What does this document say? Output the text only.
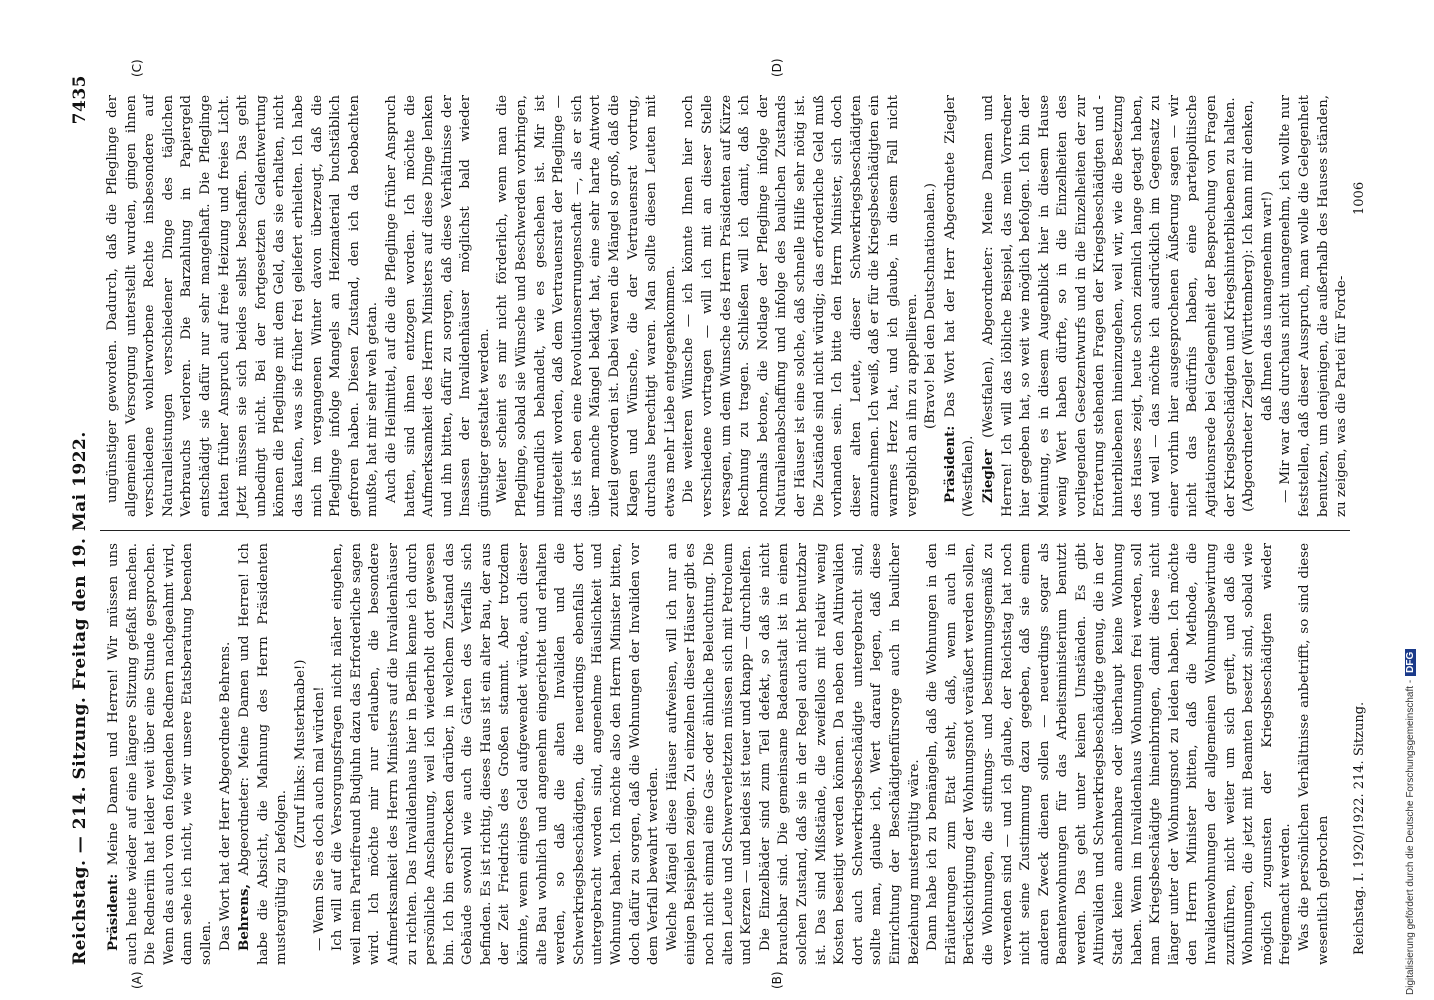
Reichstag. — 214. Sitzung. Freitag den 19. Mai 1922.
7435
(A)	(B)
(C)	(D)

Präsident: Meine Damen und Herren! Wir müssen uns auch heute wieder auf eine längere Sitzung gefaßt machen. Die Redneriin hat leider weit über eine Stunde gesprochen. Wenn das auch von den folgenden Rednern nachgeahmt wird, dann sehe ich nicht, wie wir unsere Etatsberatung beenden sollen. Das Wort hat der Herr Abgeordnete Behrens. Behrens, Abgeordneter: Meine Damen und Herren! Ich habe die Absicht, die Mahnung des Herrn Präsidenten mustergültig zu befolgen.

(Zuruf links: Musterknabe!) — Wenn Sie es doch auch mal würden! Ich will auf die Versorgungsfragen nicht näher eingehen, weil mein Parteifreund Budjuhn dazu das Erforderliche sagen wird. Ich möchte mir nur erlauben, die besondere Aufmerksamkeit des Herrn Ministers auf die Invalidenhäuser zu richten. Das Invalidenhaus hier in Berlin kenne ich durch persönliche Anschauung, weil ich wiederholt dort gewesen bin. Ich bin erschrocken darüber, in welchem Zustand das Gebäude sowohl wie auch die Gärten des Verfalls sich befinden. Es ist richtig, dieses Haus ist ein alter Bau, der aus der Zeit Friedrichs des Großen stammt. Aber trotzdem könnte, wenn einiges Geld aufgewendet würde, auch dieser alte Bau wohnlich und angenehm eingerichtet und erhalten werden, so daß die alten Invaliden und die Schwerkriegsbeschädigten, die neuerdings ebenfalls dort untergebracht worden sind, angenehme Häuslichkeit und Wohnung haben. Ich möchte also den Herrn Minister bitten, doch dafür zu sorgen, daß die Wohnungen der Invaliden vor dem Verfall bewahrt werden. Welche Mängel diese Häuser aufweisen, will ich nur an einigen Beispielen zeigen. Zu einzelnen dieser Häuser gibt es noch nicht einmal eine Gas- oder ähnliche Beleuchtung. Die alten Leute und Schwerverletzten müssen sich mit Petroleum und Kerzen — und beides ist teuer und knapp — durchhelfen. Die Einzelbäder sind zum Teil defekt, so daß sie nicht brauchbar sind. Die gemeinsame Badeanstalt ist in einem solchen Zustand, daß sie in der Regel auch nicht benutzbar ist. Das sind Mißstände, die zweifellos mit relativ wenig Kosten beseitigt werden können. Da neben den Altinvaliden dort auch Schwerkriegsbeschädigte untergebracht sind, sollte man, glaube ich, Wert darauf legen, daß diese Einrichtung der Beschädigtenfürsorge auch in baulicher Beziehung mustergültig wäre. Dann habe ich zu bemängeln, daß die Wohnungen in den Erläuterungen zum Etat steht, daß, wenn auch in Berücksichtigung der Wohnungsnot veräußert werden sollen, die Wohnungen, die stiftungs- und bestimmungsgemäß zu verwenden sind — und ich glaube, der Reichstag hat noch nicht seine Zustimmung dazu gegeben, daß sie einem anderen Zweck dienen sollen — neuerdings sogar als Beamtenwohnungen für das Arbeitsministerium benutzt werden. Das geht unter keinen Umständen. Es gibt Altinvaliden und Schwerkriegsbeschädigte genug, die in der Stadt keine annehmbare oder überhaupt keine Wohnung haben. Wenn im Invalidenhaus Wohnungen frei werden, soll man Kriegsbeschädigte hineinbringen, damit diese nicht länger unter der Wohnungsnot zu leiden haben. Ich möchte den Herrn Minister bitten, daß die Methode, die Invalidenwohnungen der allgemeinen Wohnungsbewirtung zuzuführen, nicht weiter um sich greift, und daß die Wohnungen, die jetzt mit Beamten besetzt sind, sobald wie möglich zugunsten der Kriegsbeschädigten wieder freigemacht werden. Was die persönlichen Verhältnisse anbetrifft, so sind diese wesentlich gebrochen

ungünstiger geworden. Dadurch, daß die Pfleglinge der allgemeinen Versorgung unterstellt wurden, gingen ihnen verschiedene wohlerworbene Rechte insbesondere auf Naturalleistungen verschiedener Dinge des täglichen Verbrauchs verloren. Die Barzahlung in Papiergeld entschädigt sie dafür nur sehr mangelhaft. Die Pfleglinge hatten früher Anspruch auf freie Heizung und freies Licht. Jetzt müssen sie sich beides selbst beschaffen. Das geht unbedingt nicht. Bei der fortgesetzten Geldentwertung können die Pfleglinge mit dem Geld, das sie erhalten, nicht das kaufen, was sie früher frei geliefert erhielten. Ich habe mich im vergangenen Winter davon überzeugt, daß die Pfleglinge infolge Mangels an Heizmaterial buchstäblich gefroren haben. Diesen Zustand, den ich da beobachten mußte, hat mir sehr weh getan. Auch die Heilmittel, auf die die Pfleglinge früher Anspruch hatten, sind ihnen entzogen worden. Ich möchte die Aufmerksamkeit des Herrn Ministers auf diese Dinge lenken und ihn bitten, dafür zu sorgen, daß diese Verhältnisse der Insassen der Invalidenhäuser möglichst bald wieder günstiger gestaltet werden. Weiter scheint es mir nicht förderlich, wenn man die Pfleglinge, sobald sie Wünsche und Beschwerden vorbringen, unfreundlich behandelt, wie es geschehen ist. Mir ist mitgeteilt worden, daß dem Vertrauensrat der Pfleglinge — das ist eben eine Revolutionserrungenschaft —, als er sich über manche Mängel beklagt hat, eine sehr harte Antwort zuteil geworden ist. Dabei waren die Mängel so groß, daß die Klagen und Wünsche, die der Vertrauensrat vortrug, durchaus berechtigt waren. Man sollte diesen Leuten mit etwas mehr Liebe entgegenkommen. Die weiteren Wünsche — ich könnte Ihnen hier noch verschiedene vortragen — will ich mit an dieser Stelle versagen, um dem Wunsche des Herrn Präsidenten auf Kürze Rechnung zu tragen. Schließen will ich damit, daß ich nochmals betone, die Notlage der Pfleglinge infolge der Naturalienabschaffung und infolge des baulichen Zustands der Häuser ist eine solche, daß schnelle Hilfe sehr nötig ist. Die Zustände sind nicht würdig; das erforderliche Geld muß vorhanden sein. Ich bitte den Herrn Minister, sich doch dieser alten Leute, dieser Schwerkriegsbeschädigten anzunehmen. Ich weiß, daß er für die Kriegsbeschädigten ein warmes Herz hat, und ich glaube, in diesem Fall nicht vergeblich an ihn zu appellieren. (Bravo! bei den Deutschnationalen.)

Präsident: Das Wort hat der Herr Abgeordnete Ziegler (Westfalen). Ziegler (Westfalen), Abgeordneter: Meine Damen und Herren! Ich will das löbliche Beispiel, das mein Vorredner hier gegeben hat, so weit wie möglich befolgen. Ich bin der Meinung, es in diesem Augenblick hier in diesem Hause wenig Wert haben dürfte, so in die Einzelheiten des vorliegenden Gesetzentwurfs und in die Einzelheiten der zur Erörterung stehenden Fragen der Kriegsbeschädigten und -hinterbliebenen hineinzugehen, weil wir, wie die Besetzung des Hauses zeigt, heute schon ziemlich lange getagt haben, und weil — das möchte ich ausdrücklich im Gegensatz zu einer vorhin hier ausgesprochenen Äußerung sagen — wir nicht das Bedürfnis haben, eine parteipolitische Agitationsrede bei Gelegenheit der Besprechung von Fragen der Kriegsbeschädigten und Kriegshinterbliebenen zu halten. (Abgeordneter Ziegler (Württemberg): Ich kann mir denken, daß Ihnen das unangenehm war!) — Mir war das durchaus nicht unangenehm, ich wollte nur feststellen, daß dieser Ausspruch, man wolle die Gelegenheit benutzen, um denjenigen, die außerhalb des Hauses ständen, zu zeigen, was die Partei für Forde-

Reichstag. I. 1920/1922. 214. Sitzung.
1006
Digitalisierung gefördert durch die Deutsche Forschungsgemeinschaft -DFG
